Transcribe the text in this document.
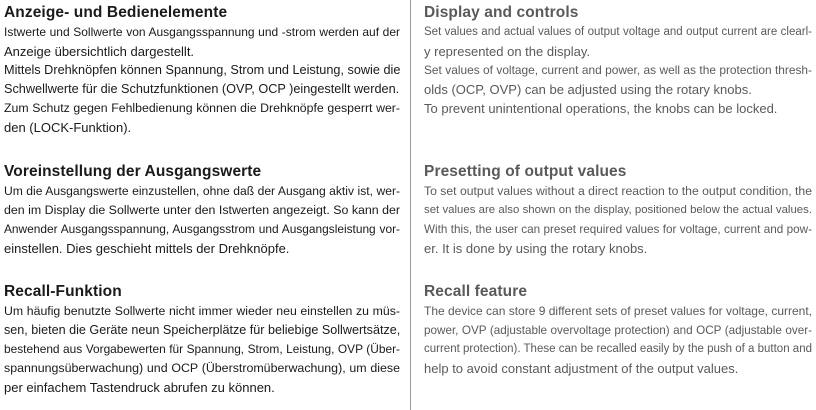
Anzeige- und Bedienelemente
Istwerte und Sollwerte von Ausgangsspannung und -strom werden auf der
Anzeige übersichtlich dargestellt.
Mittels Drehknöpfen können Spannung, Strom und Leistung, sowie die
Schwellwerte für die Schutzfunktionen (OVP, OCP )eingestellt werden.
Zum Schutz gegen Fehlbedienung können die Drehknöpfe gesperrt wer-
den (LOCK-Funktion).
Voreinstellung der Ausgangswerte
Um die Ausgangswerte einzustellen, ohne daß der Ausgang aktiv ist, wer-
den im Display die Sollwerte unter den Istwerten angezeigt. So kann der
Anwender Ausgangsspannung, Ausgangsstrom und Ausgangsleistung vor-
einstellen. Dies geschieht mittels der Drehknöpfe.
Recall-Funktion
Um häufig benutzte Sollwerte nicht immer wieder neu einstellen zu müs-
sen, bieten die Geräte neun Speicherplätze für beliebige Sollwertsätze,
bestehend aus Vorgabewerten für Spannung, Strom, Leistung, OVP (Über-
spannungsüberwachung) und OCP (Überstromüberwachung), um diese
per einfachem Tastendruck abrufen zu können.
Display and controls
Set values and actual values of output voltage and output current are clearl-
y represented on the display.
Set values of voltage, current and power, as well as the protection thresh-
olds (OCP, OVP) can be adjusted using the rotary knobs.
To prevent unintentional operations, the knobs can be locked.
Presetting of output values
To set output values without a direct reaction to the output condition, the
set values are also shown on the display, positioned below the actual values.
With this, the user can preset required values for voltage, current and pow-
er. It is done by using the rotary knobs.
Recall feature
The device can store 9 different sets of preset values for voltage, current,
power, OVP (adjustable overvoltage protection) and OCP (adjustable over-
current protection). These can be recalled easily by the push of a button and
help to avoid constant adjustment of the output values.
